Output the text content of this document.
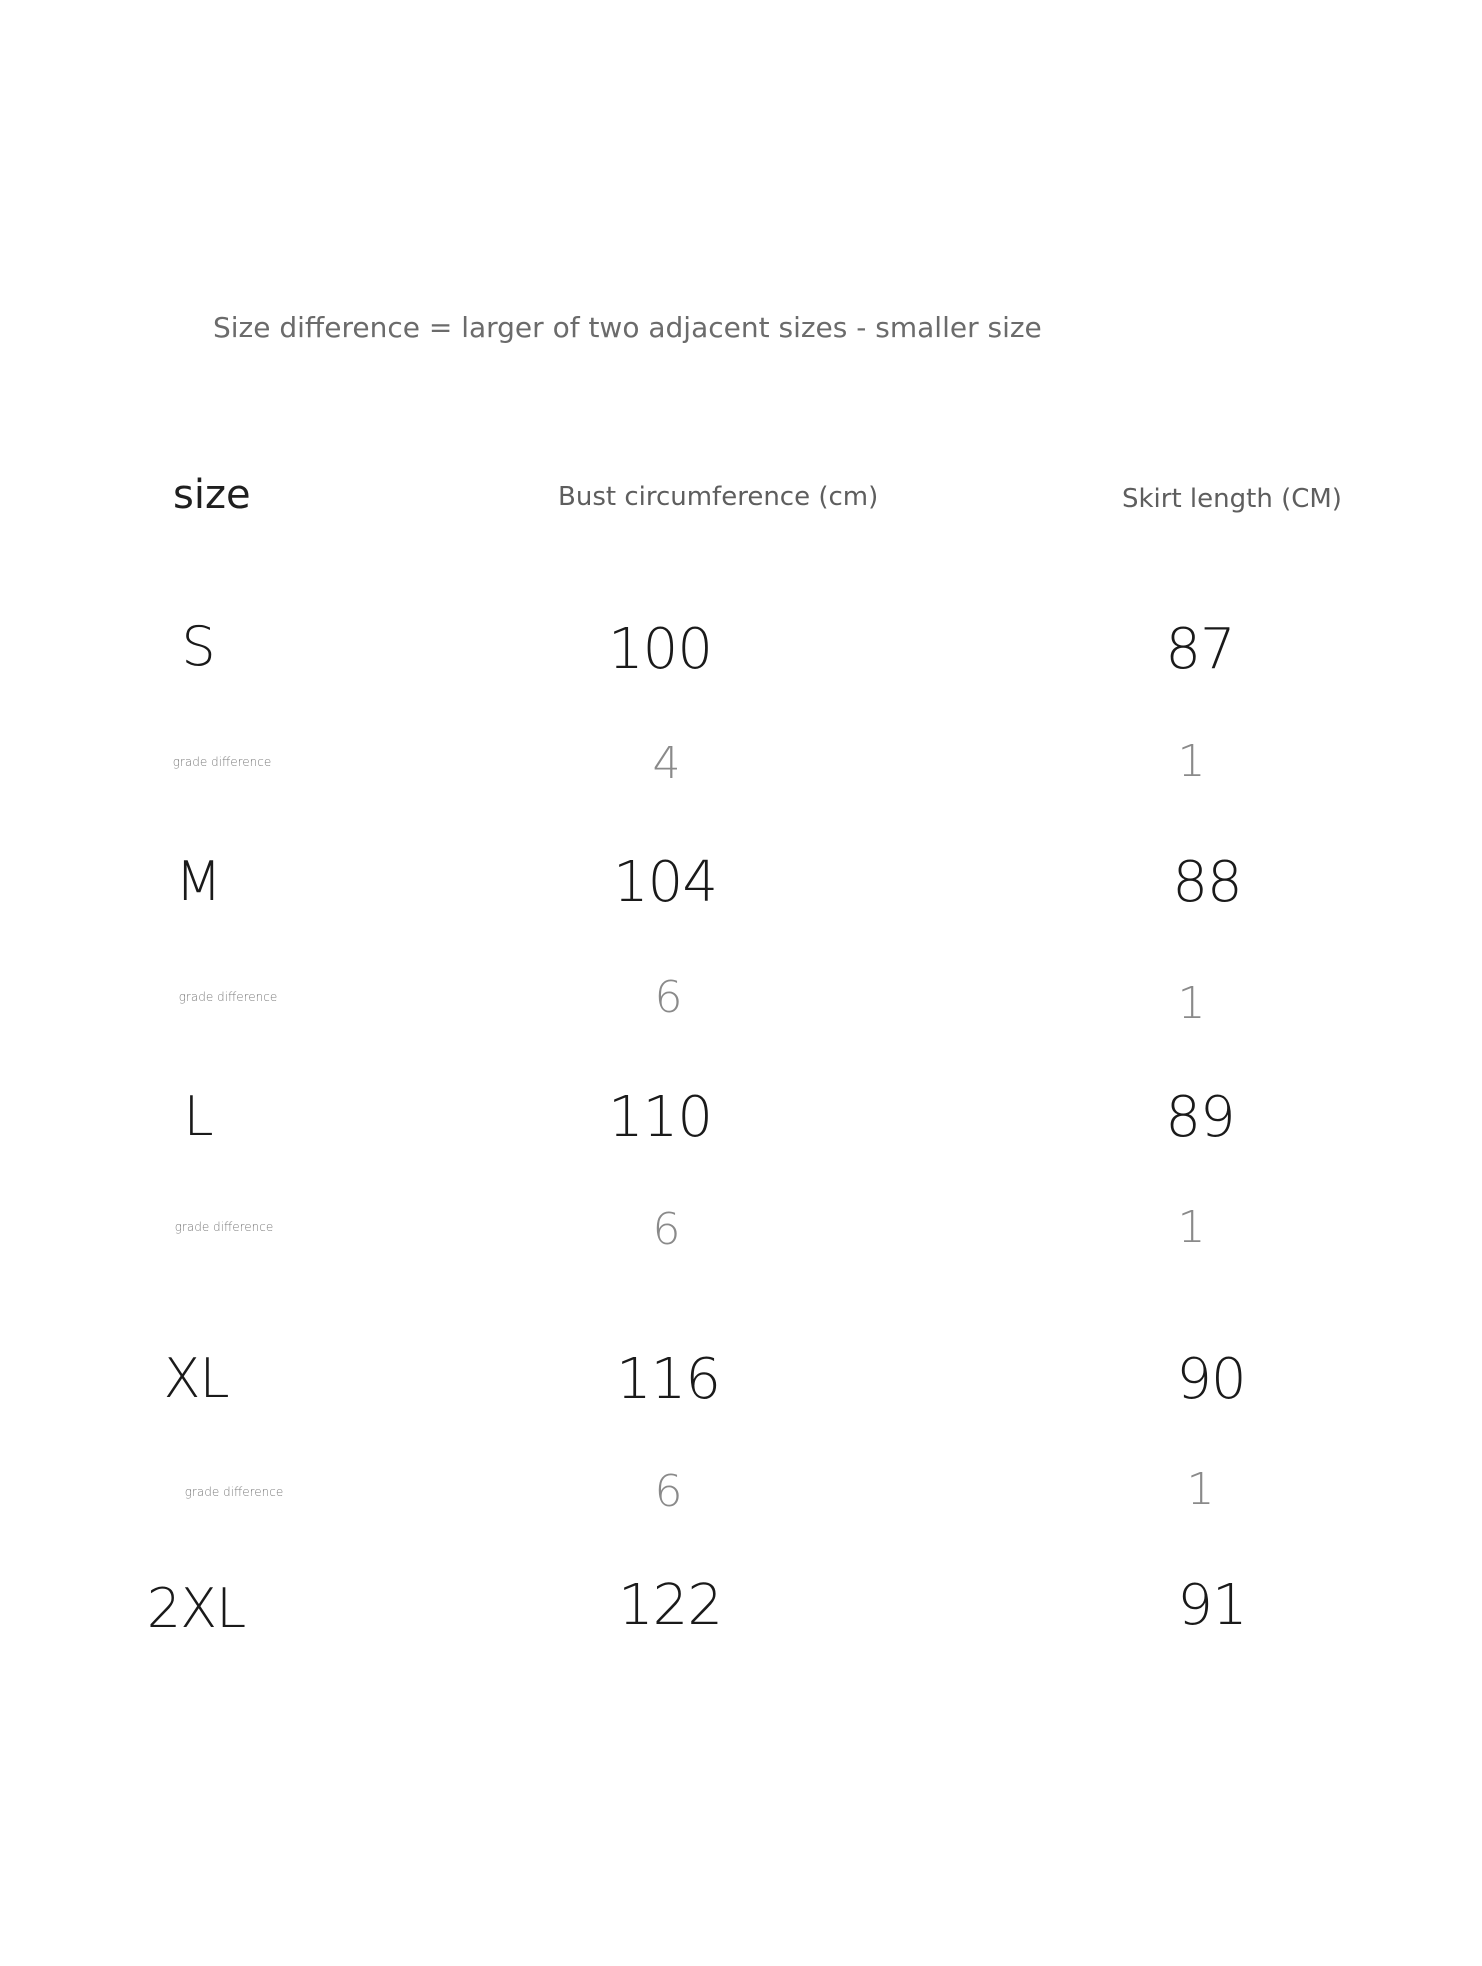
Size difference = larger of two adjacent sizes - smaller size
size	Bust circumference (cm)	Skirt length (CM)
S	100	87
grade difference	4	1
M	104	88
grade difference	6	1
L	110	89
grade difference	6	1
XL	116	90
grade difference	6	1
2XL	122	91
